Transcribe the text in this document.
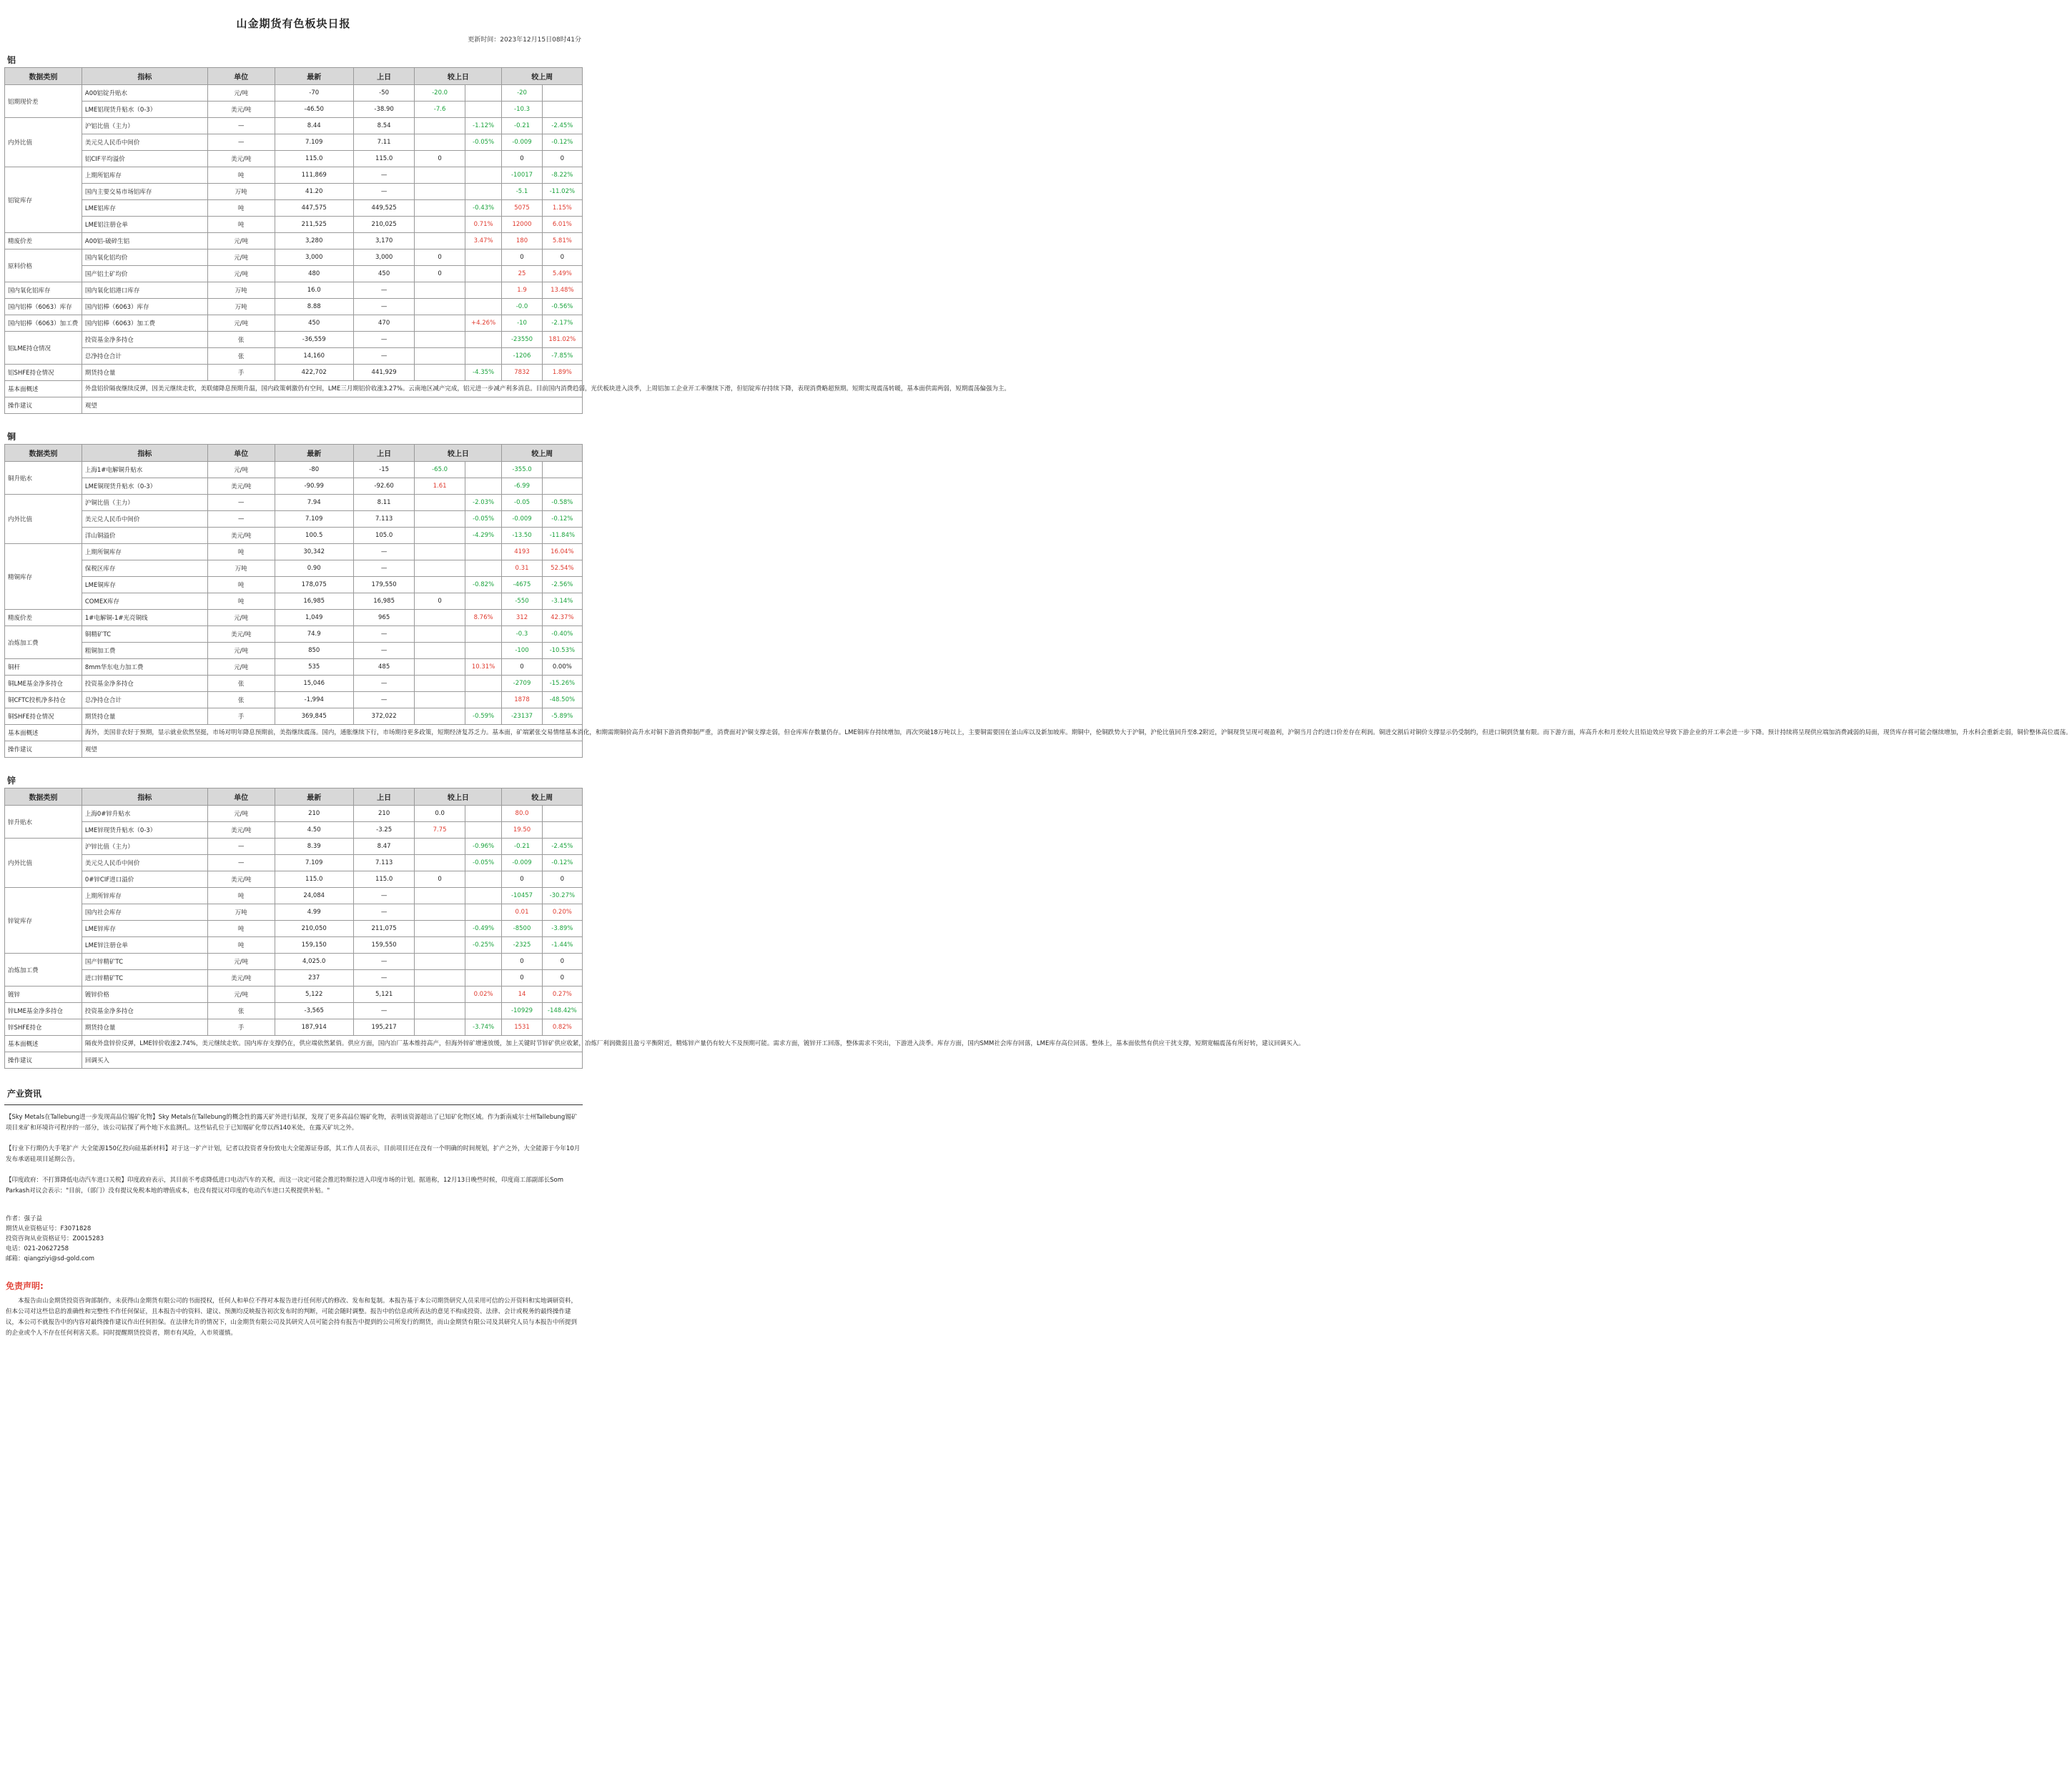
山金期货有色板块日报
更新时间：2023年12月15日08时41分
铝
数据类别	指标	单位	最新	上日	较上日		较上周	
铝期现价差	A00铝锭升贴水	元/吨	-70	-50	-20.0		-20	
	LME铝现货升贴水（0-3）	美元/吨	-46.50	-38.90	-7.6		-10.3	
内外比值	沪铝比值（主力）	—	8.44	8.54		-1.12%	-0.21	-2.45%
	美元兑人民币中间价	—	7.109	7.11		-0.05%	-0.009	-0.12%
	铝CIF平均溢价	美元/吨	115.0	115.0	0		0	0
铝锭库存	上期所铝库存	吨	111,869	—			-10017	-8.22%
	国内主要交易市场铝库存	万吨	41.20	—			-5.1	-11.02%
	LME铝库存	吨	447,575	449,525		-0.43%	5075	1.15%
	LME铝注册仓单	吨	211,525	210,025		0.71%	12000	6.01%
精废价差	A00铝-破碎生铝	元/吨	3,280	3,170		3.47%	180	5.81%
原料价格	国内氧化铝均价	元/吨	3,000	3,000	0		0	0
	国产铝土矿均价	元/吨	480	450	0		25	5.49%
国内氧化铝库存	国内氧化铝港口库存	万吨	16.0	—			1.9	13.48%
国内铝棒（6063）库存	国内铝棒（6063）库存	万吨	8.88	—			-0.0	-0.56%
国内铝棒（6063）加工费	国内铝棒（6063）加工费	元/吨	450	470		+4.26%	-10	-2.17%
铝LME持仓情况	投资基金净多持仓	张	-36,559	—			-23550	181.02%
	总净持仓合计	张	14,160	—			-1206	-7.85%
铝SHFE持仓情况	期货持仓量	手	422,702	441,929		-4.35%	7832	1.89%
基本面概述	外盘铝价隔夜继续反弹，因美元继续走软，美联储降息预期升温，国内政策刺激仍有空间，LME三月期铝价收涨3.27%。云南地区减产完成，铝元进一步减产利多消息。目前国内消费趋弱，光伏板块进入淡季，上周铝加工企业开工率继续下滑，但铝锭库存持续下降，表现消费略超预期。短期实现震荡转暖，基本面供需两弱，短期震荡偏强为主。							
操作建议	观望							
铜
数据类别	指标	单位	最新	上日	较上日		较上周	
铜升贴水	上海1#电解铜升贴水	元/吨	-80	-15	-65.0		-355.0	
	LME铜现货升贴水（0-3）	美元/吨	-90.99	-92.60	1.61		-6.99	
内外比值	沪铜比值（主力）	—	7.94	8.11		-2.03%	-0.05	-0.58%
	美元兑人民币中间价	—	7.109	7.113		-0.05%	-0.009	-0.12%
	洋山铜溢价	美元/吨	100.5	105.0		-4.29%	-13.50	-11.84%
精铜库存	上期所铜库存	吨	30,342	—			4193	16.04%
	保税区库存	万吨	0.90	—			0.31	52.54%
	LME铜库存	吨	178,075	179,550		-0.82%	-4675	-2.56%
	COMEX库存	吨	16,985	16,985	0		-550	-3.14%
精废价差	1#电解铜-1#光亮铜线	元/吨	1,049	965		8.76%	312	42.37%
冶炼加工费	铜精矿TC	美元/吨	74.9	—			-0.3	-0.40%
	粗铜加工费	元/吨	850	—			-100	-10.53%
铜杆	8mm华东电力加工费	元/吨	535	485		10.31%	0	0.00%
铜LME基金净多持仓	投资基金净多持仓	张	15,046	—			-2709	-15.26%
铜CFTC投机净多持仓	总净持仓合计	张	-1,994	—			1878	-48.50%
铜SHFE持仓情况	期货持仓量	手	369,845	372,022		-0.59%	-23137	-5.89%
基本面概述	海外，美国非农好于预期，显示就业依然坚挺，市场对明年降息预期前，美指继续震荡。国内，通胀继续下行，市场期待更多政策，短期经济复苏乏力。基本面，矿端紧张交易情绪基本消化，和期需期铜价高升水对铜下游消费抑制严重，消费面对沪铜支撑走弱，但仓库库存数量仍存。LME铜库存持续增加，再次突破18万吨以上，主要铜需要国在釜山库以及新加坡库。期铜中，伦铜跌势大于沪铜，沪伦比值回升至8.2附近，沪铜现货呈现可观盈利，沪铜当月合约进口价差存在利润。铜进交割后对铜价支撑显示仍受制约，但进口铜到货量有限。而下游方面，库高升水和月差较大且铅迫效应导致下游企业的开工率会进一步下降。预计持续将呈现供应端加消费减弱的局面，现货库存将可能会继续增加，升水科会重新走弱，铜价整体高位震荡。							
操作建议	观望							
锌
数据类别	指标	单位	最新	上日	较上日		较上周	
锌升贴水	上海0#锌升贴水	元/吨	210	210	0.0		80.0	
	LME锌现货升贴水（0-3）	美元/吨	4.50	-3.25	7.75		19.50	
内外比值	沪锌比值（主力）	—	8.39	8.47		-0.96%	-0.21	-2.45%
	美元兑人民币中间价	—	7.109	7.113		-0.05%	-0.009	-0.12%
	0#锌CIF进口溢价	美元/吨	115.0	115.0	0		0	0
锌锭库存	上期所锌库存	吨	24,084	—			-10457	-30.27%
	国内社会库存	万吨	4.99	—			0.01	0.20%
	LME锌库存	吨	210,050	211,075		-0.49%	-8500	-3.89%
	LME锌注册仓单	吨	159,150	159,550		-0.25%	-2325	-1.44%
冶炼加工费	国产锌精矿TC	元/吨	4,025.0	—			0	0
	进口锌精矿TC	美元/吨	237	—			0	0
镀锌	镀锌价格	元/吨	5,122	5,121		0.02%	14	0.27%
锌LME基金净多持仓	投资基金净多持仓	张	-3,565	—			-10929	-148.42%
锌SHFE持仓	期货持仓量	手	187,914	195,217		-3.74%	1531	0.82%
基本面概述	隔夜外盘锌价反弹，LME锌价收涨2.74%，美元继续走软。国内库存支撑仍在，供应端依然紧俏。供应方面，国内冶厂基本维持高产，但海外锌矿增速放缓，加上关键时节锌矿供应收紧，冶炼厂利润微弱且盈亏平衡附近，精炼锌产量仍有较大不及预期可能。需求方面，镀锌开工回落，整体需求不突出，下游进入淡季。库存方面，国内SMM社会库存回落，LME库存高位回落。整体上，基本面依然有供应干扰支撑，短期宽幅震荡有所好转，建议回调买入。							
操作建议	回调买入							
产业资讯
【Sky Metals在Tallebung进一步发现高品位锡矿化物】Sky Metals在Tallebung的概念性的露天矿外进行钻探，发现了更多高品位锡矿化物，表明该资源超出了已知矿化物区域。作为新南威尔士州Tallebung锡矿项目来矿和环境许可程序的一部分，该公司钻探了两个地下水监测孔。这些钻孔位于已知锡矿化带以西140米处，在露天矿坑之外。
【行业下行期仍大手笔扩产 大全能源150亿投向硅基新材料】对于这一扩产计划，记者以投资者身份致电大全能源证券部，其工作人员表示，目前项目还在没有一个明确的时间规划，扩产之外，大全能源于今年10月发布承诺硅项目延期公告。
【印度政府：不打算降低电动汽车进口关税】印度政府表示，其目前不考虑降低进口电动汽车的关税，而这一决定可能会推迟特斯拉进入印度市场的计划。据道称，12月13日晚些时候，印度商工部副部长Som Parkash对议会表示："目前，（部门）没有提议免税本地的增值成本，也没有提议对印度的电动汽车进口关税提供补贴。"
作者：强子益
期货从业资格证号：F3071828
投资咨询从业资格证号：Z0015283
电话：021-20627258
邮箱：qiangziyi@sd-gold.com
免责声明:
本报告由山金期货投资咨询部制作，未获得山金期货有限公司的书面授权，任何人和单位不得对本报告进行任何形式的修改、发布和复制。本报告基于本公司期货研究人员采用可信的公开资料和实地调研资料，但本公司对这些信息的准确性和完整性不作任何保证，且本报告中的资料、建议、预测均反映报告初次发布时的判断，可能会随时调整。报告中的信息或所表达的意见不构成投资、法律、会计或税务的最终操作建议，本公司不就报告中的内容对最终操作建议作出任何担保。在法律允许的情况下，山金期货有限公司及其研究人员可能会持有报告中提到的公司所发行的期货，而山金期货有限公司及其研究人员与本报告中所提到的企业或个人不存在任何利害关系。同时提醒期货投资者，期市有风险，入市须谨慎。
